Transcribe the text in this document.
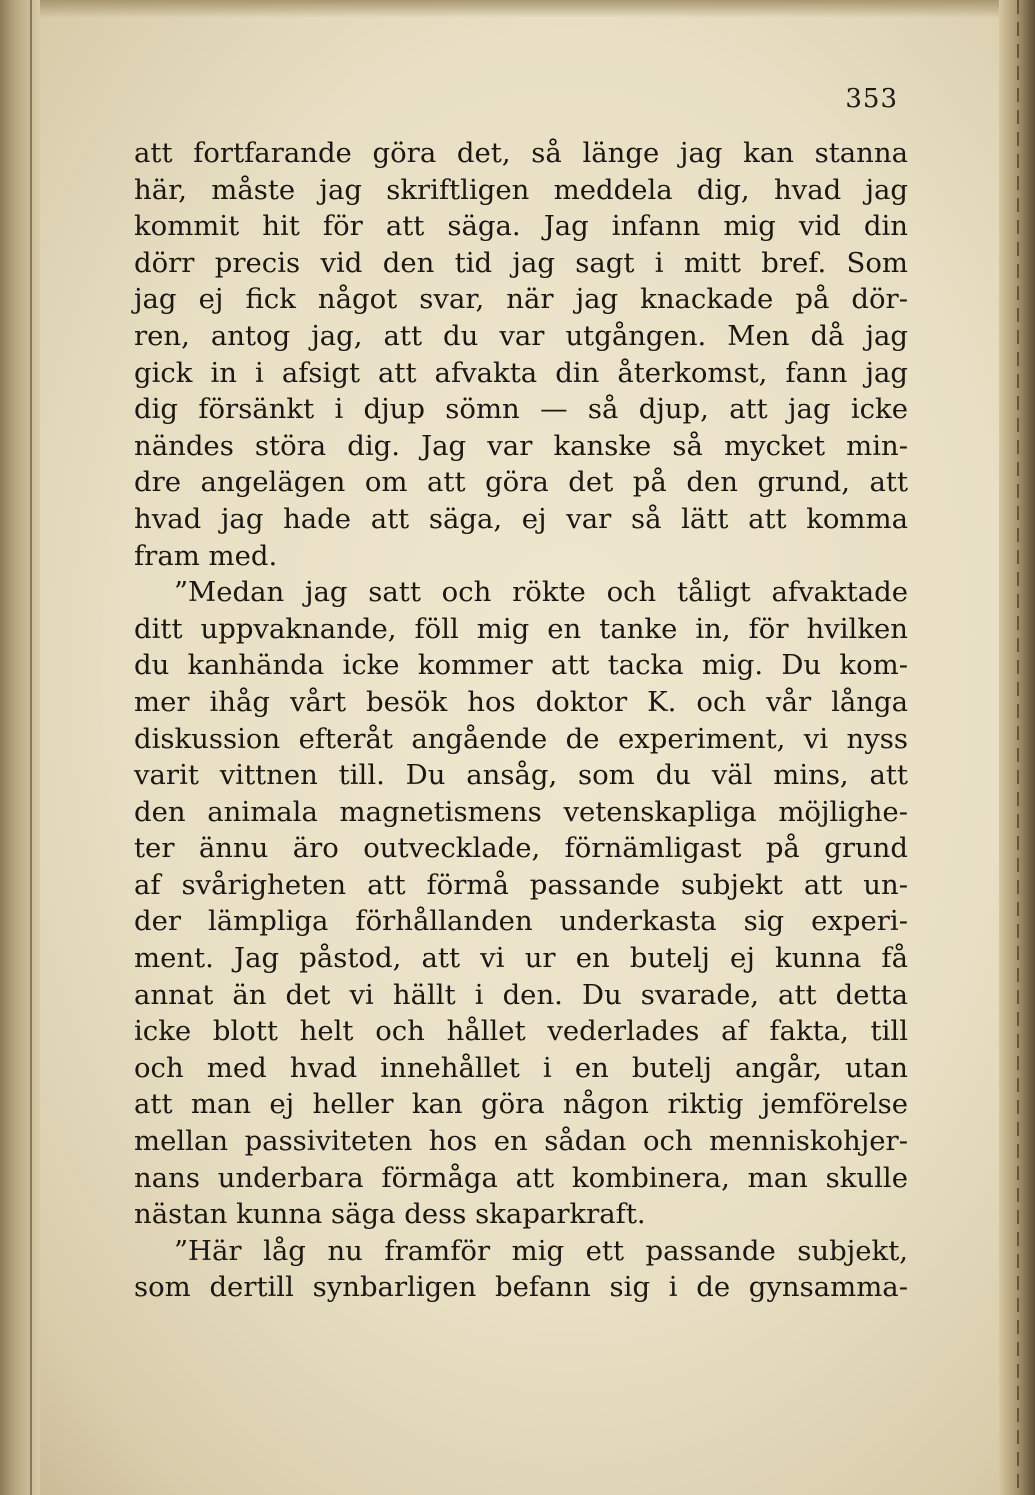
353
att fortfarande göra det, så länge jag kan stanna
här, måste jag skriftligen meddela dig, hvad jag
kommit hit för att säga. Jag infann mig vid din
dörr precis vid den tid jag sagt i mitt bref. Som
jag ej fick något svar, när jag knackade på dör-
ren, antog jag, att du var utgången. Men då jag
gick in i afsigt att afvakta din återkomst, fann jag
dig försänkt i djup sömn — så djup, att jag icke
nändes störa dig. Jag var kanske så mycket min-
dre angelägen om att göra det på den grund, att
hvad jag hade att säga, ej var så lätt att komma
fram med.
”Medan jag satt och rökte och tåligt afvaktade
ditt uppvaknande, föll mig en tanke in, för hvilken
du kanhända icke kommer att tacka mig. Du kom-
mer ihåg vårt besök hos doktor K. och vår långa
diskussion efteråt angående de experiment, vi nyss
varit vittnen till. Du ansåg, som du väl mins, att
den animala magnetismens vetenskapliga möjlighe-
ter ännu äro outvecklade, förnämligast på grund
af svårigheten att förmå passande subjekt att un-
der lämpliga förhållanden underkasta sig experi-
ment. Jag påstod, att vi ur en butelj ej kunna få
annat än det vi hällt i den. Du svarade, att detta
icke blott helt och hållet vederlades af fakta, till
och med hvad innehållet i en butelj angår, utan
att man ej heller kan göra någon riktig jemförelse
mellan passiviteten hos en sådan och menniskohjer-
nans underbara förmåga att kombinera, man skulle
nästan kunna säga dess skaparkraft.
”Här låg nu framför mig ett passande subjekt,
som dertill synbarligen befann sig i de gynsamma-
